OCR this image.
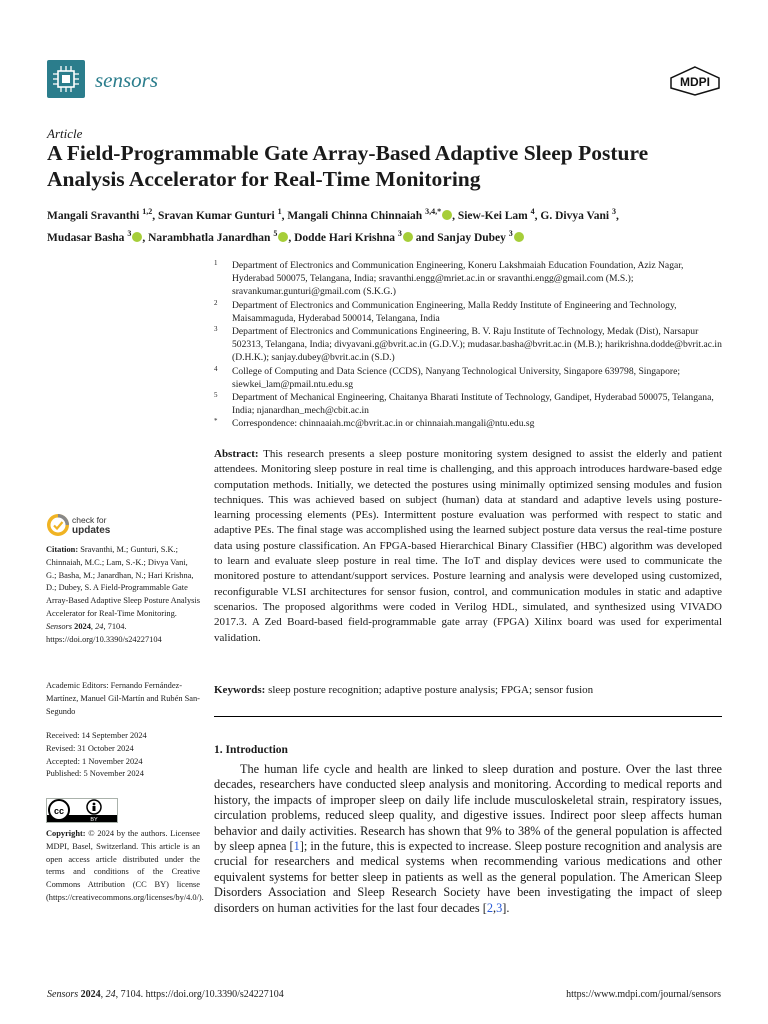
sensors	MDPI
Article
A Field-Programmable Gate Array-Based Adaptive Sleep Posture Analysis Accelerator for Real-Time Monitoring
Mangali Sravanthi $^{1,2}$, Sravan Kumar Gunturi $^1$, Mangali Chinna Chinnaiah $^{3,4,*}$ , Siew-Kei Lam $^4$, G. Divya Vani $^3$,
Mudasar Basha $^3$ , Narambhatla Janardhan $^5$ , Dodde Hari Krishna $^3$ and Sanjay Dubey $^3$
1 Department of Electronics and Communication Engineering, Koneru Lakshmaiah Education Foundation, Aziz Nagar, Hyderabad 500075, Telangana, India; sravanthi.engg@mriet.ac.in or sravanthi.engg@gmail.com (M.S.); sravankumar.gunturi@gmail.com (S.K.G.)
2 Department of Electronics and Communication Engineering, Malla Reddy Institute of Engineering and Technology, Maisammaguda, Hyderabad 500014, Telangana, India
3 Department of Electronics and Communications Engineering, B. V. Raju Institute of Technology, Medak (Dist), Narsapur 502313, Telangana, India; divyavani.g@bvrit.ac.in (G.D.V.); mudasar.basha@bvrit.ac.in (M.B.); harikrishna.dodde@bvrit.ac.in (D.H.K.); sanjay.dubey@bvrit.ac.in (S.D.)
4 College of Computing and Data Science (CCDS), Nanyang Technological University, Singapore 639798, Singapore; siewkei_lam@pmail.ntu.edu.sg
5 Department of Mechanical Engineering, Chaitanya Bharati Institute of Technology, Gandipet, Hyderabad 500075, Telangana, India; njanardhan_mech@cbit.ac.in
* Correspondence: chinnaaiah.mc@bvrit.ac.in or chinnaiah.mangali@ntu.edu.sg
check for
updates
Citation: Sravanthi, M.; Gunturi, S.K.; Chinnaiah, M.C.; Lam, S.-K.; Divya Vani, G.; Basha, M.; Janardhan, N.; Hari Krishna, D.; Dubey, S. A Field-Programmable Gate Array-Based Adaptive Sleep Posture Analysis Accelerator for Real-Time Monitoring. Sensors 2024, 24, 7104. https://doi.org/10.3390/s24227104
Academic Editors: Fernando Fernández-Martínez, Manuel Gil-Martín and Rubén San-Segundo
Received: 14 September 2024
Revised: 31 October 2024
Accepted: 1 November 2024
Published: 5 November 2024
cc
BY
Copyright: © 2024 by the authors. Licensee MDPI, Basel, Switzerland. This article is an open access article distributed under the terms and conditions of the Creative Commons Attribution (CC BY) license (https://creativecommons.org/licenses/by/4.0/).
Abstract: This research presents a sleep posture monitoring system designed to assist the elderly and patient attendees. Monitoring sleep posture in real time is challenging, and this approach introduces hardware-based edge computation methods. Initially, we detected the postures using minimally optimized sensing modules and fusion techniques. This was achieved based on subject (human) data at standard and adaptive levels using posture-learning processing elements (PEs). Intermittent posture evaluation was performed with respect to static and adaptive PEs. The final stage was accomplished using the learned subject posture data versus the real-time posture data using posture classification. An FPGA-based Hierarchical Binary Classifier (HBC) algorithm was developed to learn and evaluate sleep posture in real time. The IoT and display devices were used to communicate the monitored posture to attendant/support services. Posture learning and analysis were developed using customized, reconfigurable VLSI architectures for sensor fusion, control, and communication modules in static and adaptive scenarios. The proposed algorithms were coded in Verilog HDL, simulated, and synthesized using VIVADO 2017.3. A Zed Board-based field-programmable gate array (FPGA) Xilinx board was used for experimental validation.
Keywords: sleep posture recognition; adaptive posture analysis; FPGA; sensor fusion
1. Introduction

The human life cycle and health are linked to sleep duration and posture. Over the last three decades, researchers have conducted sleep analysis and monitoring. According to medical reports and history, the impacts of improper sleep on daily life include musculoskeletal strain, respiratory issues, circulation problems, reduced sleep quality, and digestive issues. Indirect poor sleep affects human behavior and daily activities. Research has shown that 9% to 38% of the general population is affected by sleep apnea [1]; in the future, this is expected to increase. Sleep posture recognition and analysis are crucial for researchers and medical systems when recommending various medications and other equivalent systems for better sleep in patients as well as the general population. The American Sleep Disorders Association and Sleep Research Society have been investigating the impact of sleep disorders on human activities for the last four decades [2,3].

Sensors 2024, 24, 7104. https://doi.org/10.3390/s24227104	https://www.mdpi.com/journal/sensors
